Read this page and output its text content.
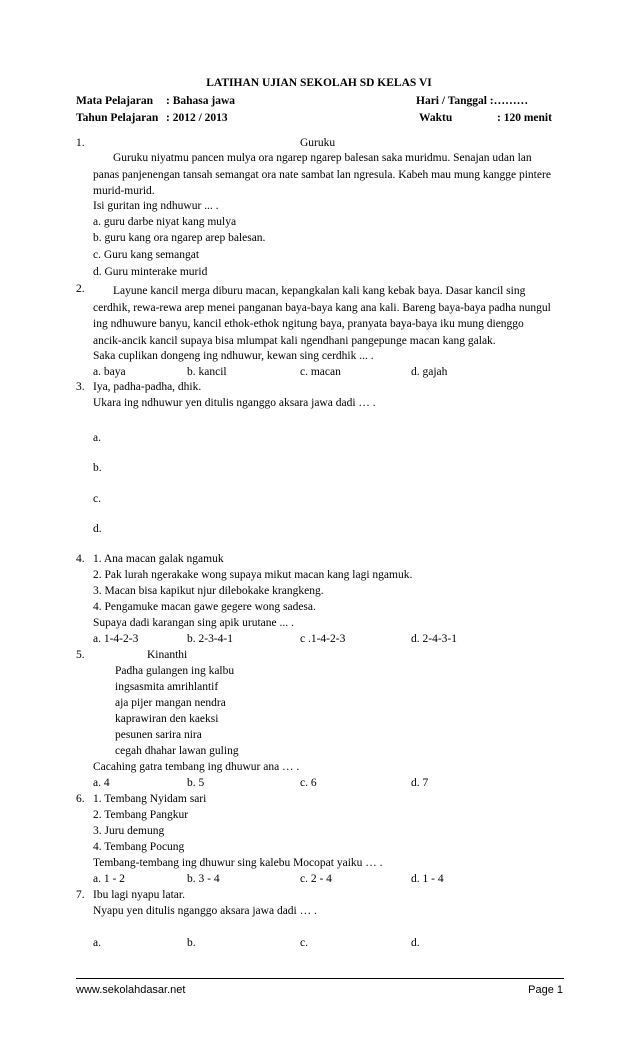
LATIHAN UJIAN SEKOLAH SD KELAS VI
Mata Pelajaran : Bahasa jawa	Hari / Tanggal :………
Tahun Pelajaran : 2012 / 2013	Waktu	: 120 menit
1.	Guruku
Guruku niyatmu pancen mulya ora ngarep ngarep balesan saka muridmu. Senajan udan lan panas panjenengan tansah semangat ora nate sambat lan ngresula. Kabeh mau mung kangge pintere murid-murid.
Isi guritan ing ndhuwur ... .
a. guru darbe niyat kang mulya
b. guru kang ora ngarep arep balesan.
c. Guru kang semangat
d. Guru minterake murid
2.	Layune kancil merga diburu macan, kepangkalan kali kang kebak baya. Dasar kancil sing cerdhik, rewa-rewa arep menei panganan baya-baya kang ana kali. Bareng baya-baya padha nungul ing ndhuwure banyu, kancil ethok-ethok ngitung baya, pranyata baya-baya iku mung dienggo ancik-ancik kancil supaya bisa mlumpat kali ngendhani pangepunge macan kang galak.
Saka cuplikan dongeng ing ndhuwur, kewan sing cerdhik ... .
a. baya	b. kancil	c. macan	d. gajah
3. Iya, padha-padha, dhik.
Ukara ing ndhuwur yen ditulis nganggo aksara jawa dadi … .
a.
b.
c.
d.
4. 1. Ana macan galak ngamuk
2. Pak lurah ngerakake wong supaya mikut macan kang lagi ngamuk.
3. Macan bisa kapikut njur dilebokake krangkeng.
4. Pengamuke macan gawe gegere wong sadesa.
Supaya dadi karangan sing apik urutane ... .
a. 1-4-2-3	b. 2-3-4-1	c .1-4-2-3	d. 2-4-3-1
5.	Kinanthi
Padha gulangen ing kalbu
ingsasmita amrihlantif
aja pijer mangan nendra
kaprawiran den kaeksi
pesunen sarira nira
cegah dhahar lawan guling
Cacahing gatra tembang ing dhuwur ana … .
a. 4	b. 5	c. 6	d. 7
6. 1. Tembang Nyidam sari
2. Tembang Pangkur
3. Juru demung
4. Tembang Pocung
Tembang-tembang ing dhuwur sing kalebu Mocopat yaiku … .
a. 1 - 2	b. 3 - 4	c. 2 - 4	d. 1 - 4
7. Ibu lagi nyapu latar.
Nyapu yen ditulis nganggo aksara jawa dadi … .
a.	b.	c.	d.
www.sekolahdasar.net	Page 1
